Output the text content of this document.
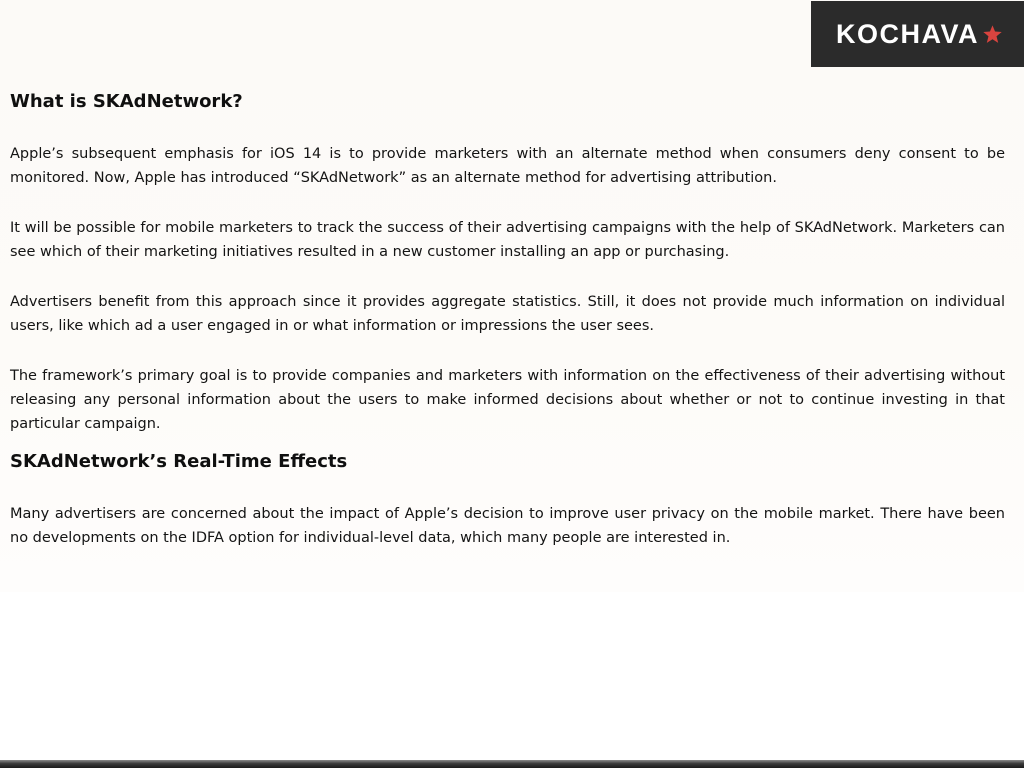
KOCHAVA
What is SKAdNetwork?

Apple’s subsequent emphasis for iOS 14 is to provide marketers with an alternate method when consumers deny consent to be monitored. Now, Apple has introduced “SKAdNetwork” as an alternate method for advertising attribution.

It will be possible for mobile marketers to track the success of their advertising campaigns with the help of SKAdNetwork. Marketers can see which of their marketing initiatives resulted in a new customer installing an app or purchasing.

Advertisers benefit from this approach since it provides aggregate statistics. Still, it does not provide much information on individual users, like which ad a user engaged in or what information or impressions the user sees.

The framework’s primary goal is to provide companies and marketers with information on the effectiveness of their advertising without releasing any personal information about the users to make informed decisions about whether or not to continue investing in that particular campaign.

SKAdNetwork’s Real-Time Effects

Many advertisers are concerned about the impact of Apple’s decision to improve user privacy on the mobile market. There have been no developments on the IDFA option for individual-level data, which many people are interested in.
